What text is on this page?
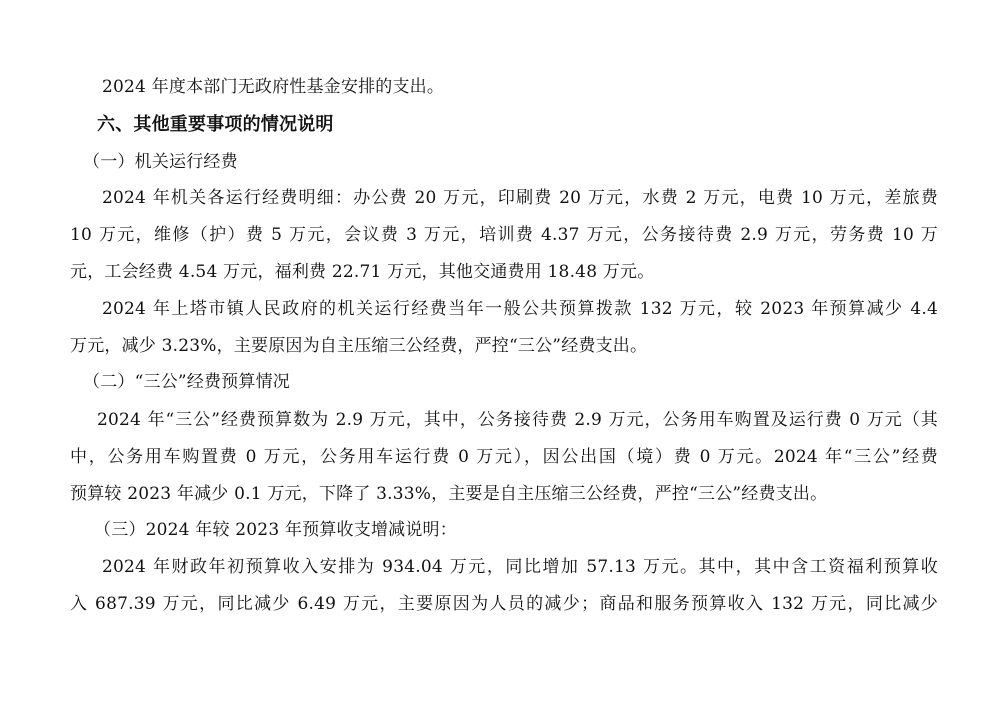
2024 年度本部门无政府性基金安排的支出。
六、其他重要事项的情况说明
（一）机关运行经费
2024 年机关各运行经费明细：办公费 20 万元，印刷费 20 万元，水费 2 万元，电费 10 万元，差旅费
10 万元，维修（护）费 5 万元，会议费 3 万元，培训费 4.37 万元，公务接待费 2.9 万元，劳务费 10 万
元，工会经费 4.54 万元，福利费 22.71 万元，其他交通费用 18.48 万元。
2024 年上塔市镇人民政府的机关运行经费当年一般公共预算拨款 132 万元，较 2023 年预算减少 4.4
万元，减少 3.23%，主要原因为自主压缩三公经费，严控“三公”经费支出。
（二）“三公”经费预算情况
2024 年“三公”经费预算数为 2.9 万元，其中，公务接待费 2.9 万元，公务用车购置及运行费 0 万元（其
中，公务用车购置费 0 万元，公务用车运行费 0 万元），因公出国（境）费 0 万元。2024 年“三公”经费
预算较 2023 年减少 0.1 万元，下降了 3.33%，主要是自主压缩三公经费，严控“三公”经费支出。
（三）2024 年较 2023 年预算收支增减说明：
2024 年财政年初预算收入安排为 934.04 万元，同比增加 57.13 万元。其中，其中含工资福利预算收
入 687.39 万元，同比减少 6.49 万元，主要原因为人员的减少；商品和服务预算收入 132 万元，同比减少
